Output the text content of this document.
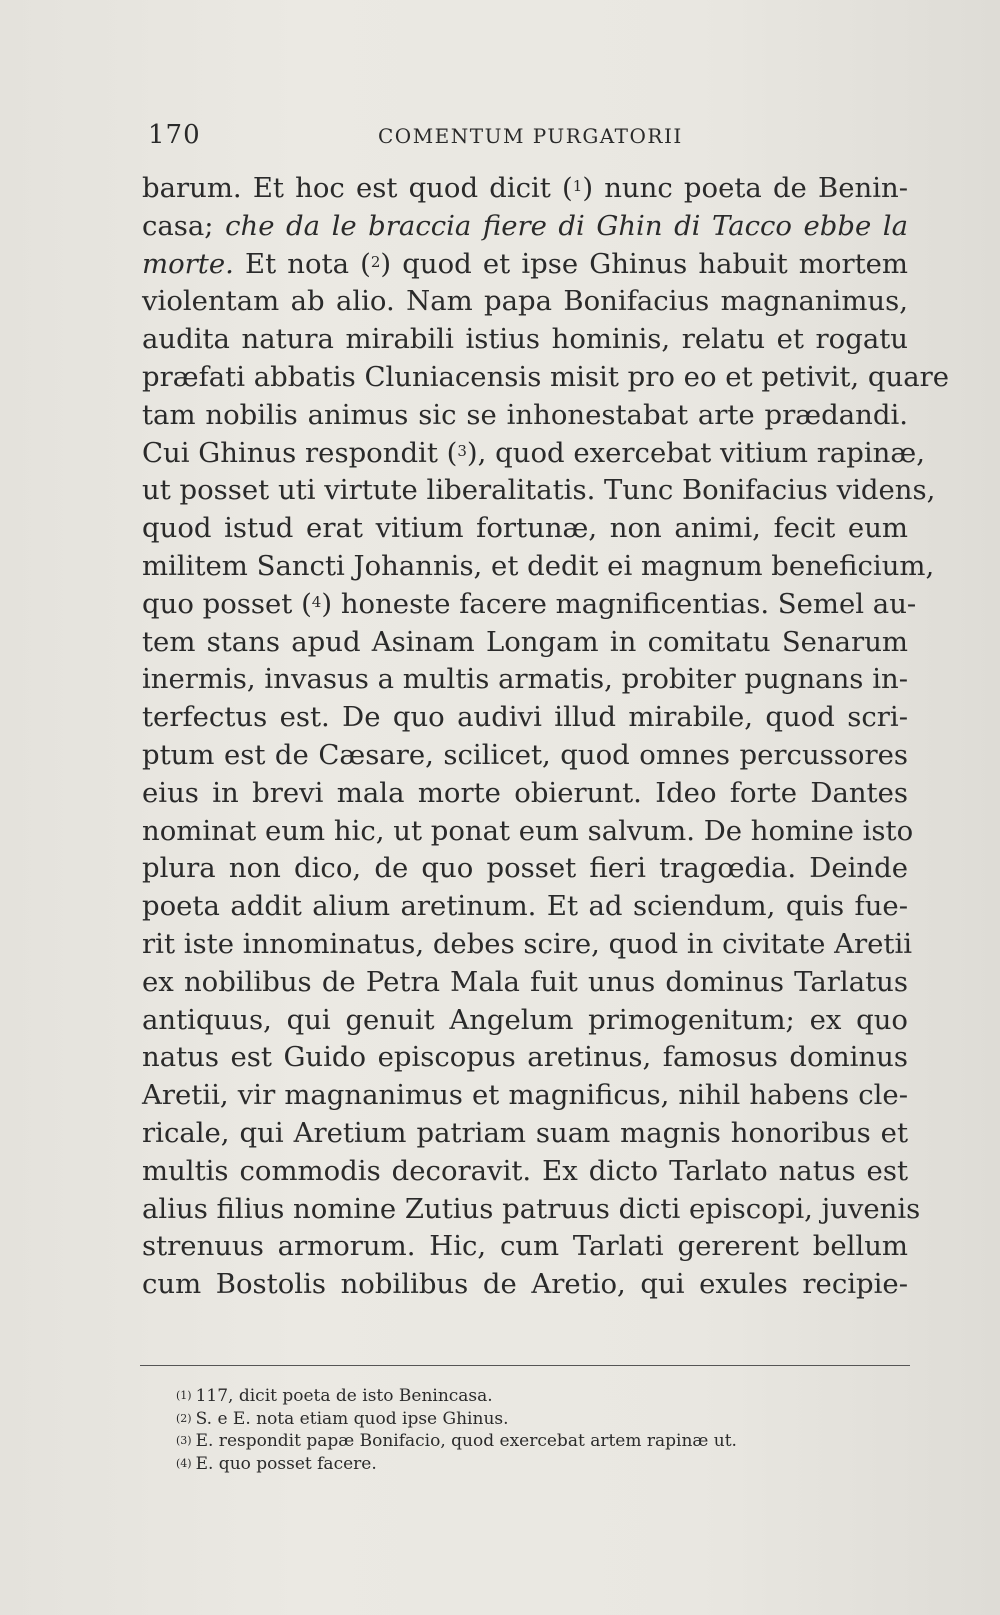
170	COMENTUM PURGATORII
barum. Et hoc est quod dicit ($^1$) nunc poeta de Benin-
casa; che da le braccia fiere di Ghin di Tacco ebbe la
morte. Et nota ($^2$) quod et ipse Ghinus habuit mortem
violentam ab alio. Nam papa Bonifacius magnanimus,
audita natura mirabili istius hominis, relatu et rogatu
præfati abbatis Cluniacensis misit pro eo et petivit, quare
tam nobilis animus sic se inhonestabat arte prædandi.
Cui Ghinus respondit ($^3$), quod exercebat vitium rapinæ,
ut posset uti virtute liberalitatis. Tunc Bonifacius videns,
quod istud erat vitium fortunæ, non animi, fecit eum
militem Sancti Johannis, et dedit ei magnum beneficium,
quo posset ($^4$) honeste facere magnificentias. Semel au-
tem stans apud Asinam Longam in comitatu Senarum
inermis, invasus a multis armatis, probiter pugnans in-
terfectus est. De quo audivi illud mirabile, quod scri-
ptum est de Cæsare, scilicet, quod omnes percussores
eius in brevi mala morte obierunt. Ideo forte Dantes
nominat eum hic, ut ponat eum salvum. De homine isto
plura non dico, de quo posset fieri tragœdia. Deinde
poeta addit alium aretinum. Et ad sciendum, quis fue-
rit iste innominatus, debes scire, quod in civitate Aretii
ex nobilibus de Petra Mala fuit unus dominus Tarlatus
antiquus, qui genuit Angelum primogenitum; ex quo
natus est Guido episcopus aretinus, famosus dominus
Aretii, vir magnanimus et magnificus, nihil habens cle-
ricale, qui Aretium patriam suam magnis honoribus et
multis commodis decoravit. Ex dicto Tarlato natus est
alius filius nomine Zutius patruus dicti episcopi, juvenis
strenuus armorum. Hic, cum Tarlati gererent bellum
cum Bostolis nobilibus de Aretio, qui exules recipie-
$^{(1)}$ 117, dicit poeta de isto Benincasa.
$^{(2)}$ S. e E. nota etiam quod ipse Ghinus.
$^{(3)}$ E. respondit papæ Bonifacio, quod exercebat artem rapinæ ut.
$^{(4)}$ E. quo posset facere.
